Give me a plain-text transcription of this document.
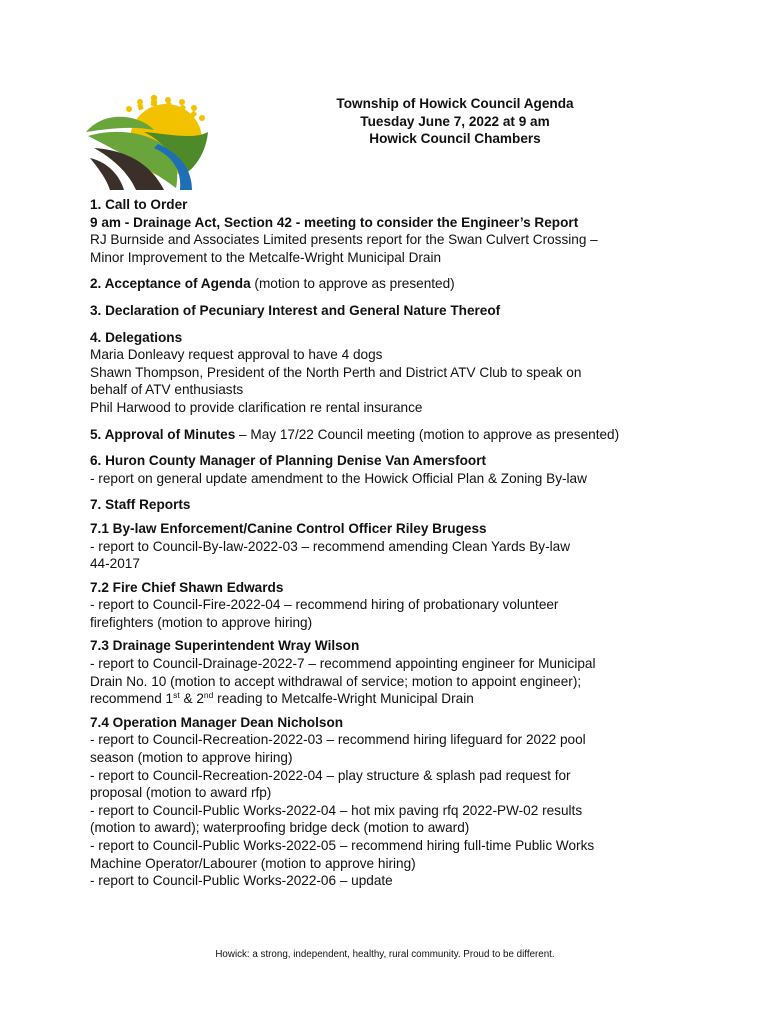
Township of Howick Council Agenda
Tuesday June 7, 2022 at 9 am
Howick Council Chambers
1. Call to Order
9 am - Drainage Act, Section 42 - meeting to consider the Engineer’s Report
RJ Burnside and Associates Limited presents report for the Swan Culvert Crossing –
Minor Improvement to the Metcalfe-Wright Municipal Drain
2. Acceptance of Agenda (motion to approve as presented)
3. Declaration of Pecuniary Interest and General Nature Thereof
4. Delegations
Maria Donleavy request approval to have 4 dogs
Shawn Thompson, President of the North Perth and District ATV Club to speak on
behalf of ATV enthusiasts
Phil Harwood to provide clarification re rental insurance
5. Approval of Minutes – May 17/22 Council meeting (motion to approve as presented)
6. Huron County Manager of Planning Denise Van Amersfoort
- report on general update amendment to the Howick Official Plan & Zoning By-law
7. Staff Reports
7.1 By-law Enforcement/Canine Control Officer Riley Brugess
- report to Council-By-law-2022-03 – recommend amending Clean Yards By-law
44-2017
7.2 Fire Chief Shawn Edwards
- report to Council-Fire-2022-04 – recommend hiring of probationary volunteer
firefighters (motion to approve hiring)
7.3 Drainage Superintendent Wray Wilson
- report to Council-Drainage-2022-7 – recommend appointing engineer for Municipal
Drain No. 10 (motion to accept withdrawal of service; motion to appoint engineer);
recommend 1st & 2nd reading to Metcalfe-Wright Municipal Drain
7.4 Operation Manager Dean Nicholson
- report to Council-Recreation-2022-03 – recommend hiring lifeguard for 2022 pool
season (motion to approve hiring)
- report to Council-Recreation-2022-04 – play structure & splash pad request for
proposal (motion to award rfp)
- report to Council-Public Works-2022-04 – hot mix paving rfq 2022-PW-02 results
(motion to award); waterproofing bridge deck (motion to award)
- report to Council-Public Works-2022-05 – recommend hiring full-time Public Works
Machine Operator/Labourer (motion to approve hiring)
- report to Council-Public Works-2022-06 – update
Howick: a strong, independent, healthy, rural community. Proud to be different.
